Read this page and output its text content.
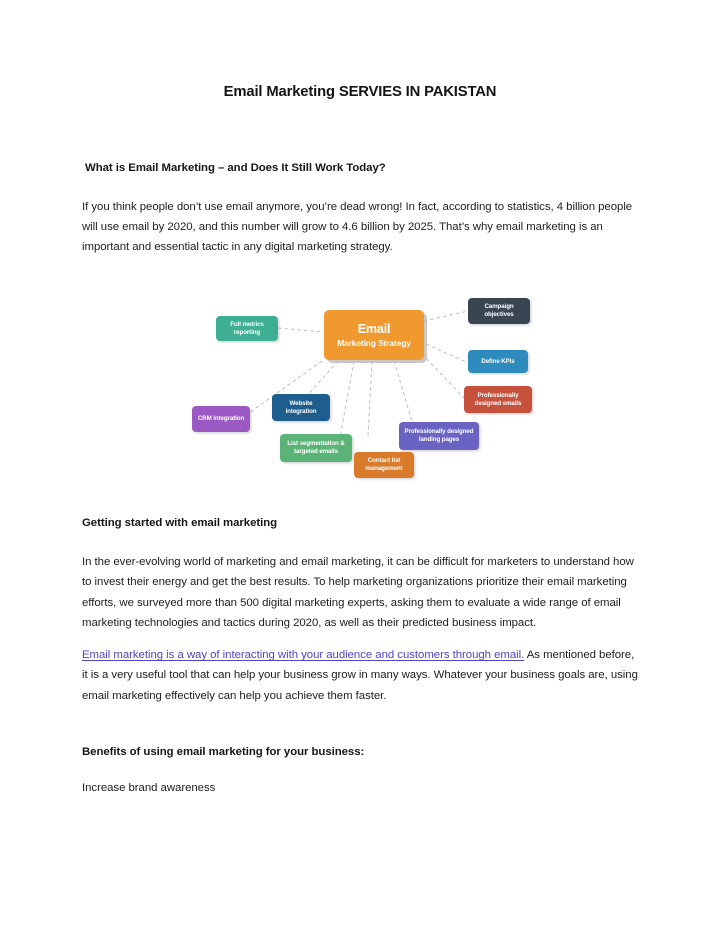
Email Marketing SERVIES IN PAKISTAN
Email
Marketing Strategy
Full metrics reporting
Campaign objectives
Define KPIs
Professionally designed emails
Professionally designed landing pages
Contact list management
List segmentation & targeted emails
Website integration
CRM integration
What is Email Marketing – and Does It Still Work Today?

If you think people don’t use email anymore, you’re dead wrong! In fact, according to statistics, 4 billion people will use email by 2020, and this number will grow to 4.6 billion by 2025. That’s why email marketing is an important and essential tactic in any digital marketing strategy.

Getting started with email marketing

In the ever-evolving world of marketing and email marketing, it can be difficult for marketers to understand how to invest their energy and get the best results. To help marketing organizations prioritize their email marketing efforts, we surveyed more than 500 digital marketing experts, asking them to evaluate a wide range of email marketing technologies and tactics during 2020, as well as their predicted business impact.

Email marketing is a way of interacting with your audience and customers through email. As mentioned before, it is a very useful tool that can help your business grow in many ways. Whatever your business goals are, using email marketing effectively can help you achieve them faster.

Benefits of using email marketing for your business:

Increase brand awareness
